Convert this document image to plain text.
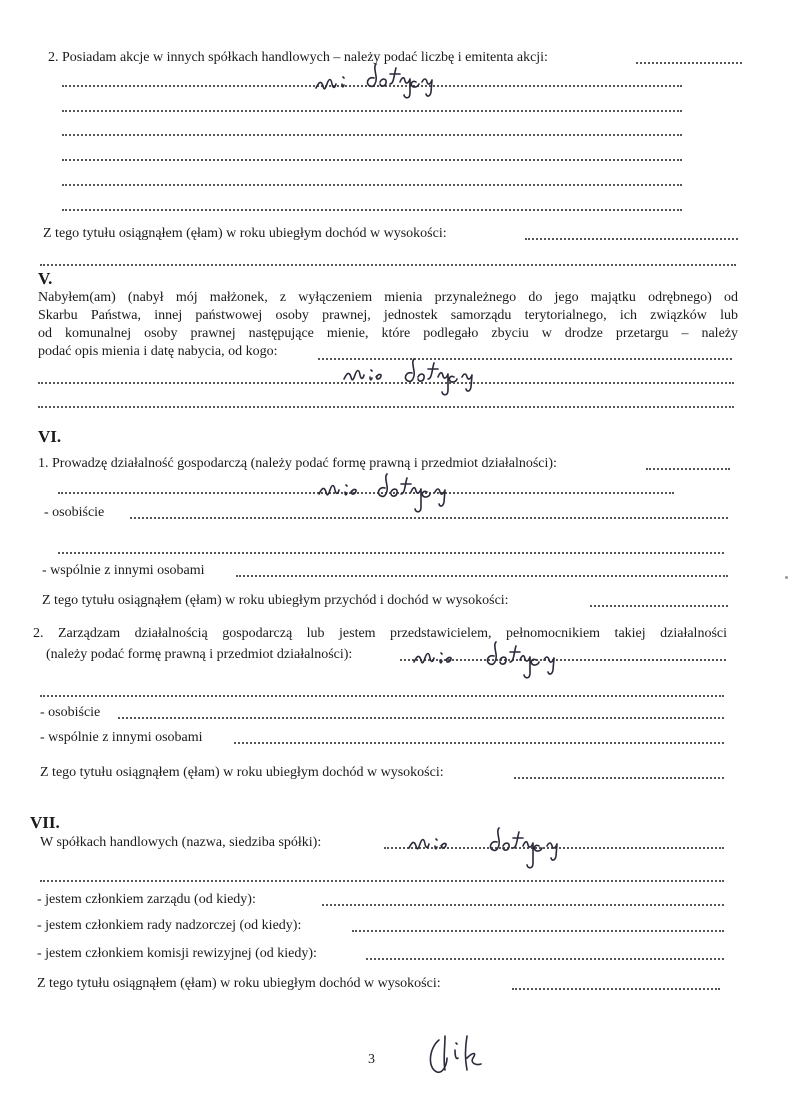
2. Posiadam akcje w innych spółkach handlowych – należy podać liczbę i emitenta akcji:
Z tego tytułu osiągnąłem (ęłam) w roku ubiegłym dochód w wysokości:
V.
Nabyłem(am) (nabył mój małżonek, z wyłączeniem mienia przynależnego do jego majątku odrębnego) od
Skarbu Państwa, innej państwowej osoby prawnej, jednostek samorządu terytorialnego, ich związków lub
od komunalnej osoby prawnej następujące mienie, które podlegało zbyciu w drodze przetargu – należy
podać opis mienia i datę nabycia, od kogo:
VI.
1. Prowadzę działalność gospodarczą (należy podać formę prawną i przedmiot działalności):
- osobiście
- wspólnie z innymi osobami
Z tego tytułu osiągnąłem (ęłam) w roku ubiegłym przychód i dochód w wysokości:
2. Zarządzam działalnością gospodarczą lub jestem przedstawicielem, pełnomocnikiem takiej działalności
(należy podać formę prawną i przedmiot działalności):
- osobiście
- wspólnie z innymi osobami
Z tego tytułu osiągnąłem (ęłam) w roku ubiegłym dochód w wysokości:
VII.
W spółkach handlowych (nazwa, siedziba spółki):
- jestem członkiem zarządu (od kiedy):
- jestem członkiem rady nadzorczej (od kiedy):
- jestem członkiem komisji rewizyjnej (od kiedy):
Z tego tytułu osiągnąłem (ęłam) w roku ubiegłym dochód w wysokości:
3
